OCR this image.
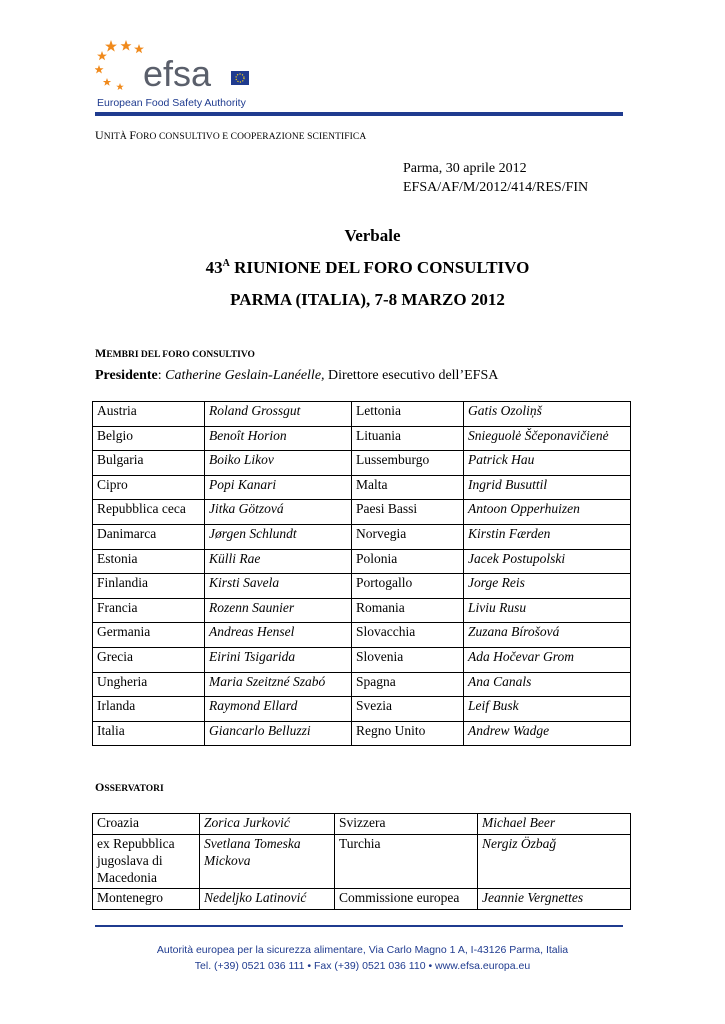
efsa
European Food Safety Authority
UNITÀ FORO CONSULTIVO E COOPERAZIONE SCIENTIFICA
Parma, 30 aprile 2012
EFSA/AF/M/2012/414/RES/FIN
Verbale
$43^A$ RIUNIONE DEL FORO CONSULTIVO
PARMA (ITALIA), 7-8 MARZO 2012
MEMBRI DEL FORO CONSULTIVO
Presidente: Catherine Geslain-Lanéelle, Direttore esecutivo dell’EFSA
Austria	Roland Grossgut	Lettonia	Gatis Ozoliņš
Belgio	Benoît Horion	Lituania	Snieguolė Ščeponavičienė
Bulgaria	Boiko Likov	Lussemburgo	Patrick Hau
Cipro	Popi Kanari	Malta	Ingrid Busuttil
Repubblica ceca	Jitka Götzová	Paesi Bassi	Antoon Opperhuizen
Danimarca	Jørgen Schlundt	Norvegia	Kirstin Færden
Estonia	Külli Rae	Polonia	Jacek Postupolski
Finlandia	Kirsti Savela	Portogallo	Jorge Reis
Francia	Rozenn Saunier	Romania	Liviu Rusu
Germania	Andreas Hensel	Slovacchia	Zuzana Bírošová
Grecia	Eirini Tsigarida	Slovenia	Ada Hočevar Grom
Ungheria	Maria Szeitzné Szabó	Spagna	Ana Canals
Irlanda	Raymond Ellard	Svezia	Leif Busk
Italia	Giancarlo Belluzzi	Regno Unito	Andrew Wadge
OSSERVATORI
Croazia	Zorica Jurković	Svizzera	Michael Beer
ex Repubblica jugoslava di Macedonia	Svetlana Tomeska Mickova	Turchia	Nergiz Özbağ
Montenegro	Nedeljko Latinović	Commissione europea	Jeannie Vergnettes
Autorità europea per la sicurezza alimentare, Via Carlo Magno 1 A, I-43126 Parma, Italia
Tel. (+39) 0521 036 111 • Fax (+39) 0521 036 110 • www.efsa.europa.eu
